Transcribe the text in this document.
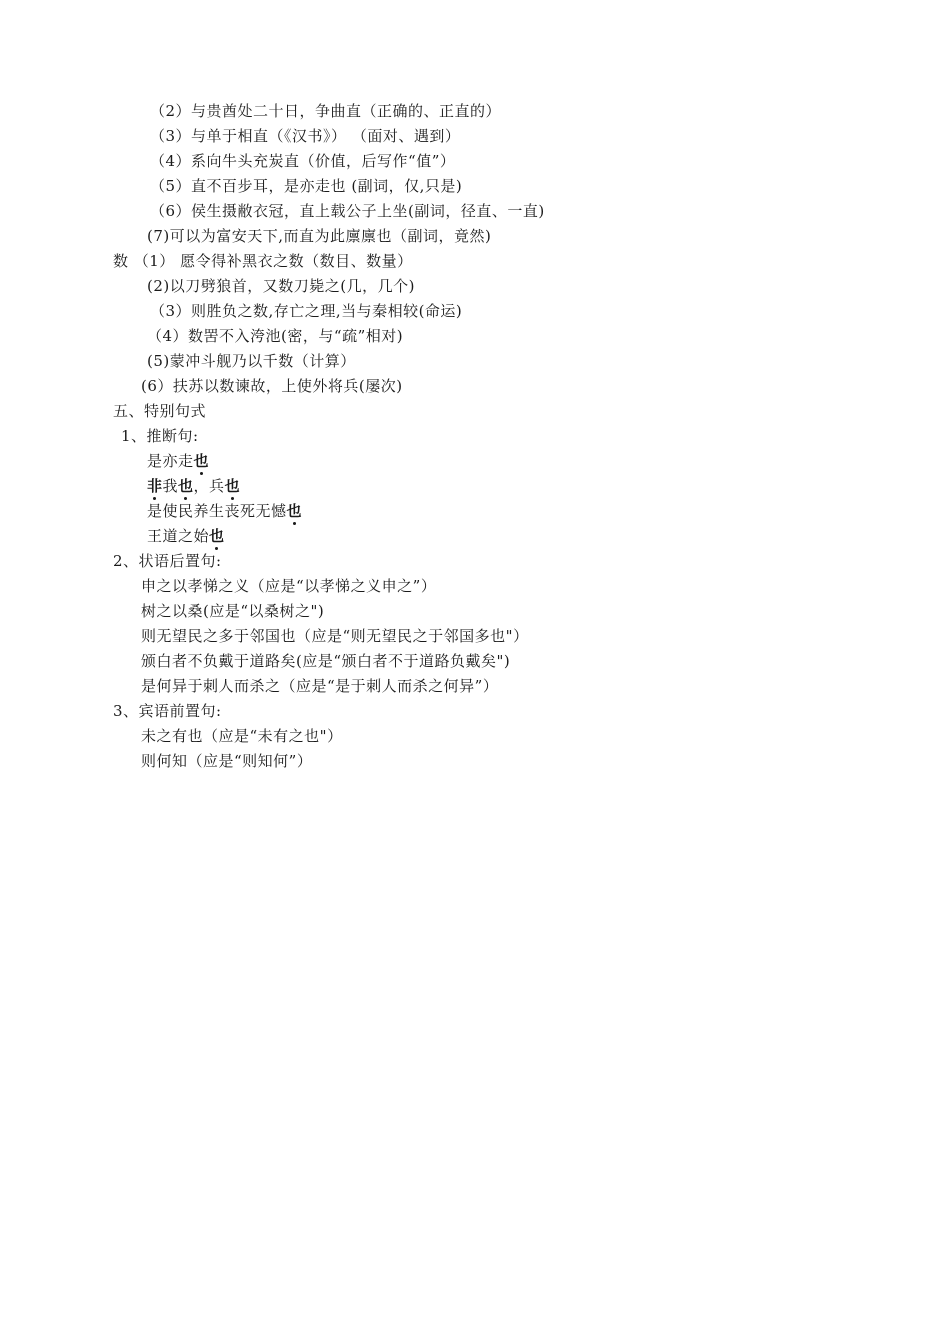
（2）与贵酋处二十日，争曲直（正确的、正直的）
（3）与单于相直（《汉书》） （面对、遇到）
（4）系向牛头充炭直（价值，后写作“值”）
（5）直不百步耳，是亦走也 (副词，仅,只是)
（6）侯生摄敝衣冠，直上载公子上坐(副词，径直、一直)
(7)可以为富安天下,而直为此廪廪也（副词，竟然)
数 （1） 愿令得补黑衣之数（数目、数量）
(2)以刀劈狼首，又数刀毙之(几，几个)
（3）则胜负之数,存亡之理,当与秦相较(命运)
（4）数罟不入洿池(密，与“疏”相对)
(5)蒙冲斗舰乃以千数（计算）
(6）扶苏以数谏故，上使外将兵(屡次)
五、特别句式
1、推断句:
是亦走也
非我也，兵也
是使民养生丧死无憾也
王道之始也
2、状语后置句:
申之以孝悌之义（应是“以孝悌之义申之”）
树之以桑(应是“以桑树之")
则无望民之多于邻国也（应是“则无望民之于邻国多也"）
颁白者不负戴于道路矣(应是“颁白者不于道路负戴矣")
是何异于刺人而杀之（应是“是于刺人而杀之何异”）
3、宾语前置句:
未之有也（应是“未有之也"）
则何知（应是“则知何”）
